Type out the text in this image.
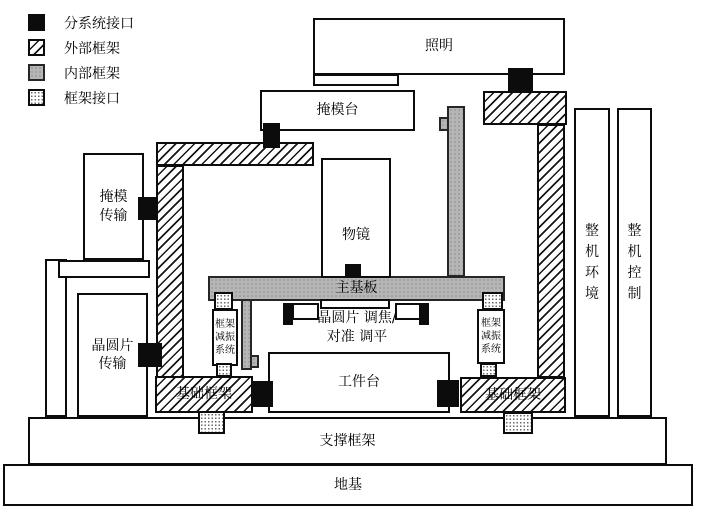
分系统接口
外部框架
内部框架
框架接口
地基
支撑框架
整机环境
整机控制
基础框架	基础框架
主基板
照明
掩模台
掩模传输
晶圆片传输
物镜
工件台
框架减振系统
框架减振系统
晶圆片 调焦/
对准 调平
